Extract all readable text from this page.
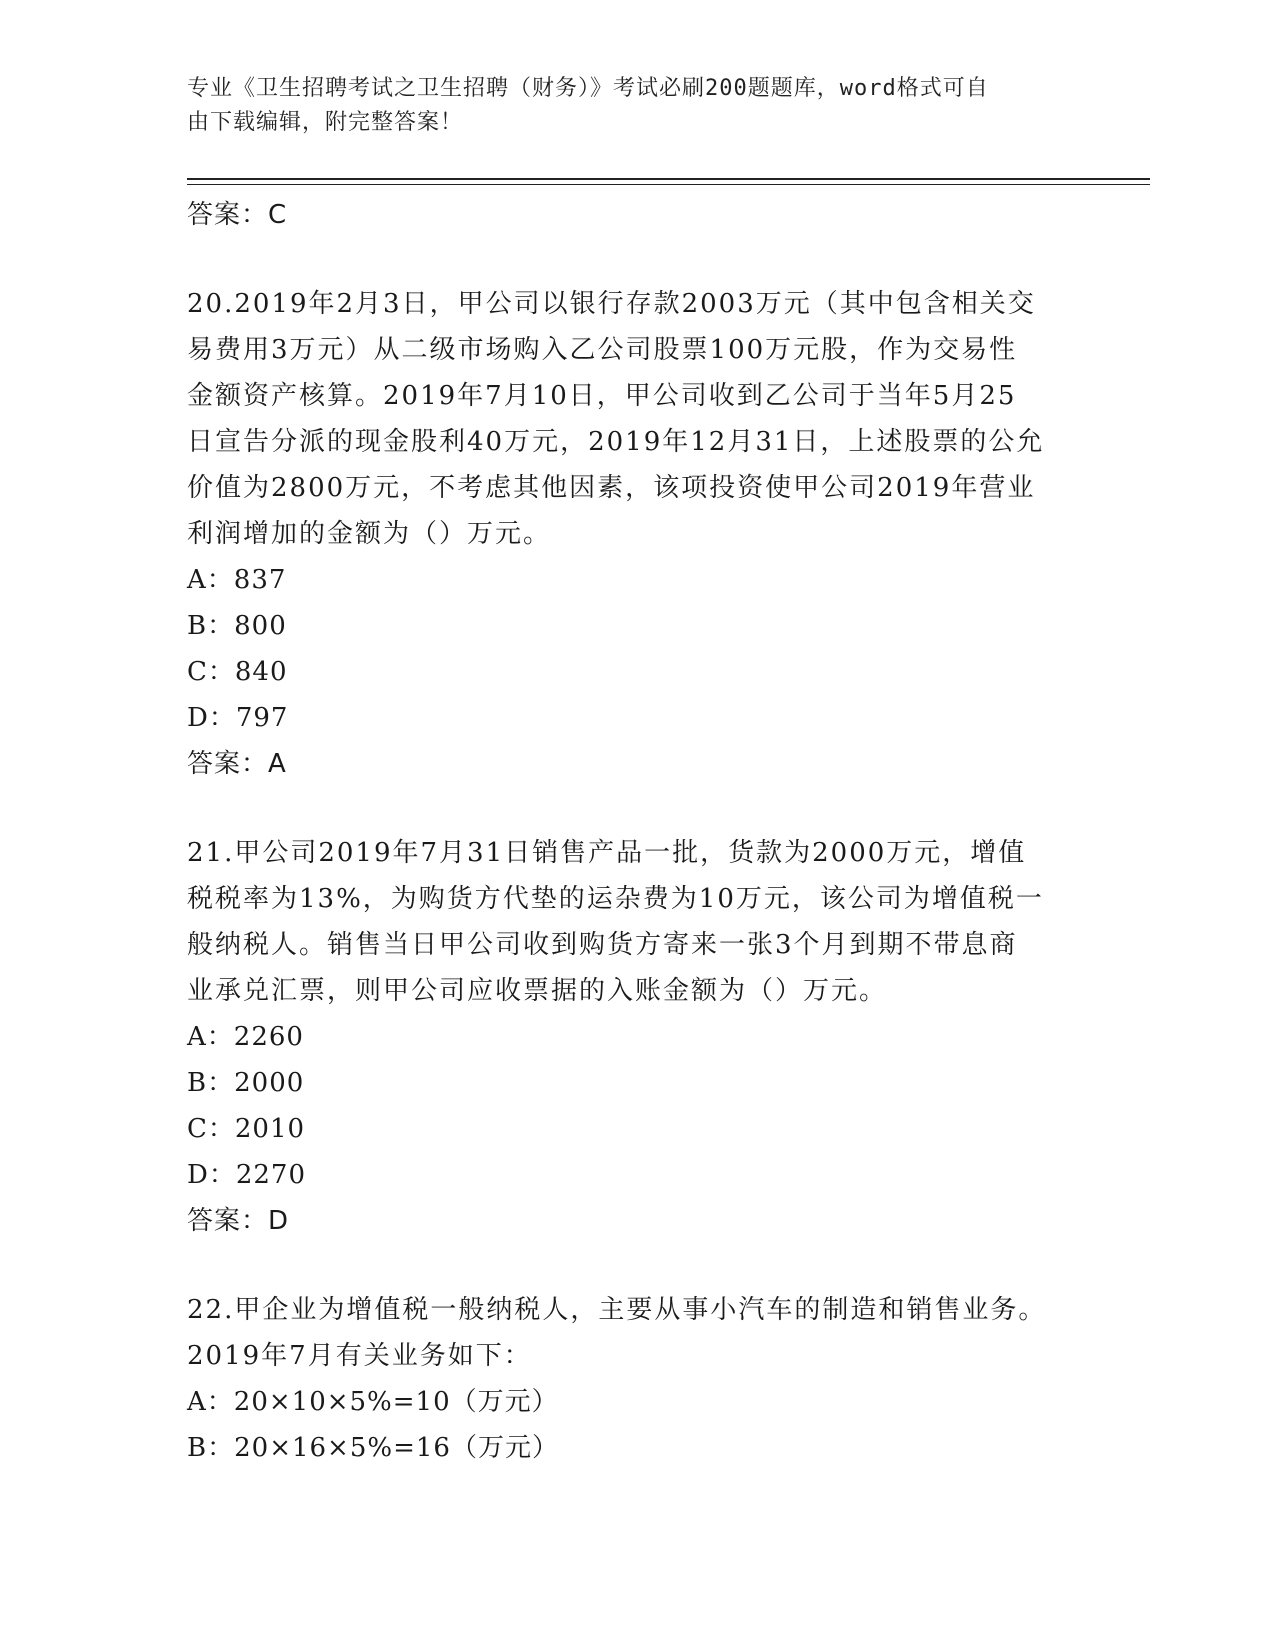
专业《卫生招聘考试之卫生招聘（财务）》考试必刷200题题库，word格式可自
由下载编辑，附完整答案！
答案：C
20.2019年2月3日，甲公司以银行存款2003万元（其中包含相关交
易费用3万元）从二级市场购入乙公司股票100万元股，作为交易性
金额资产核算。2019年7月10日，甲公司收到乙公司于当年5月25
日宣告分派的现金股利40万元，2019年12月31日，上述股票的公允
价值为2800万元，不考虑其他因素，该项投资使甲公司2019年营业
利润增加的金额为（）万元。
A：837
B：800
C：840
D：797
答案：A
21.甲公司2019年7月31日销售产品一批，货款为2000万元，增值
税税率为13%，为购货方代垫的运杂费为10万元，该公司为增值税一
般纳税人。销售当日甲公司收到购货方寄来一张3个月到期不带息商
业承兑汇票，则甲公司应收票据的入账金额为（）万元。
A：2260
B：2000
C：2010
D：2270
答案：D
22.甲企业为增值税一般纳税人，主要从事小汽车的制造和销售业务。
2019年7月有关业务如下：
A：20×10×5%=10（万元）
B：20×16×5%=16（万元）
